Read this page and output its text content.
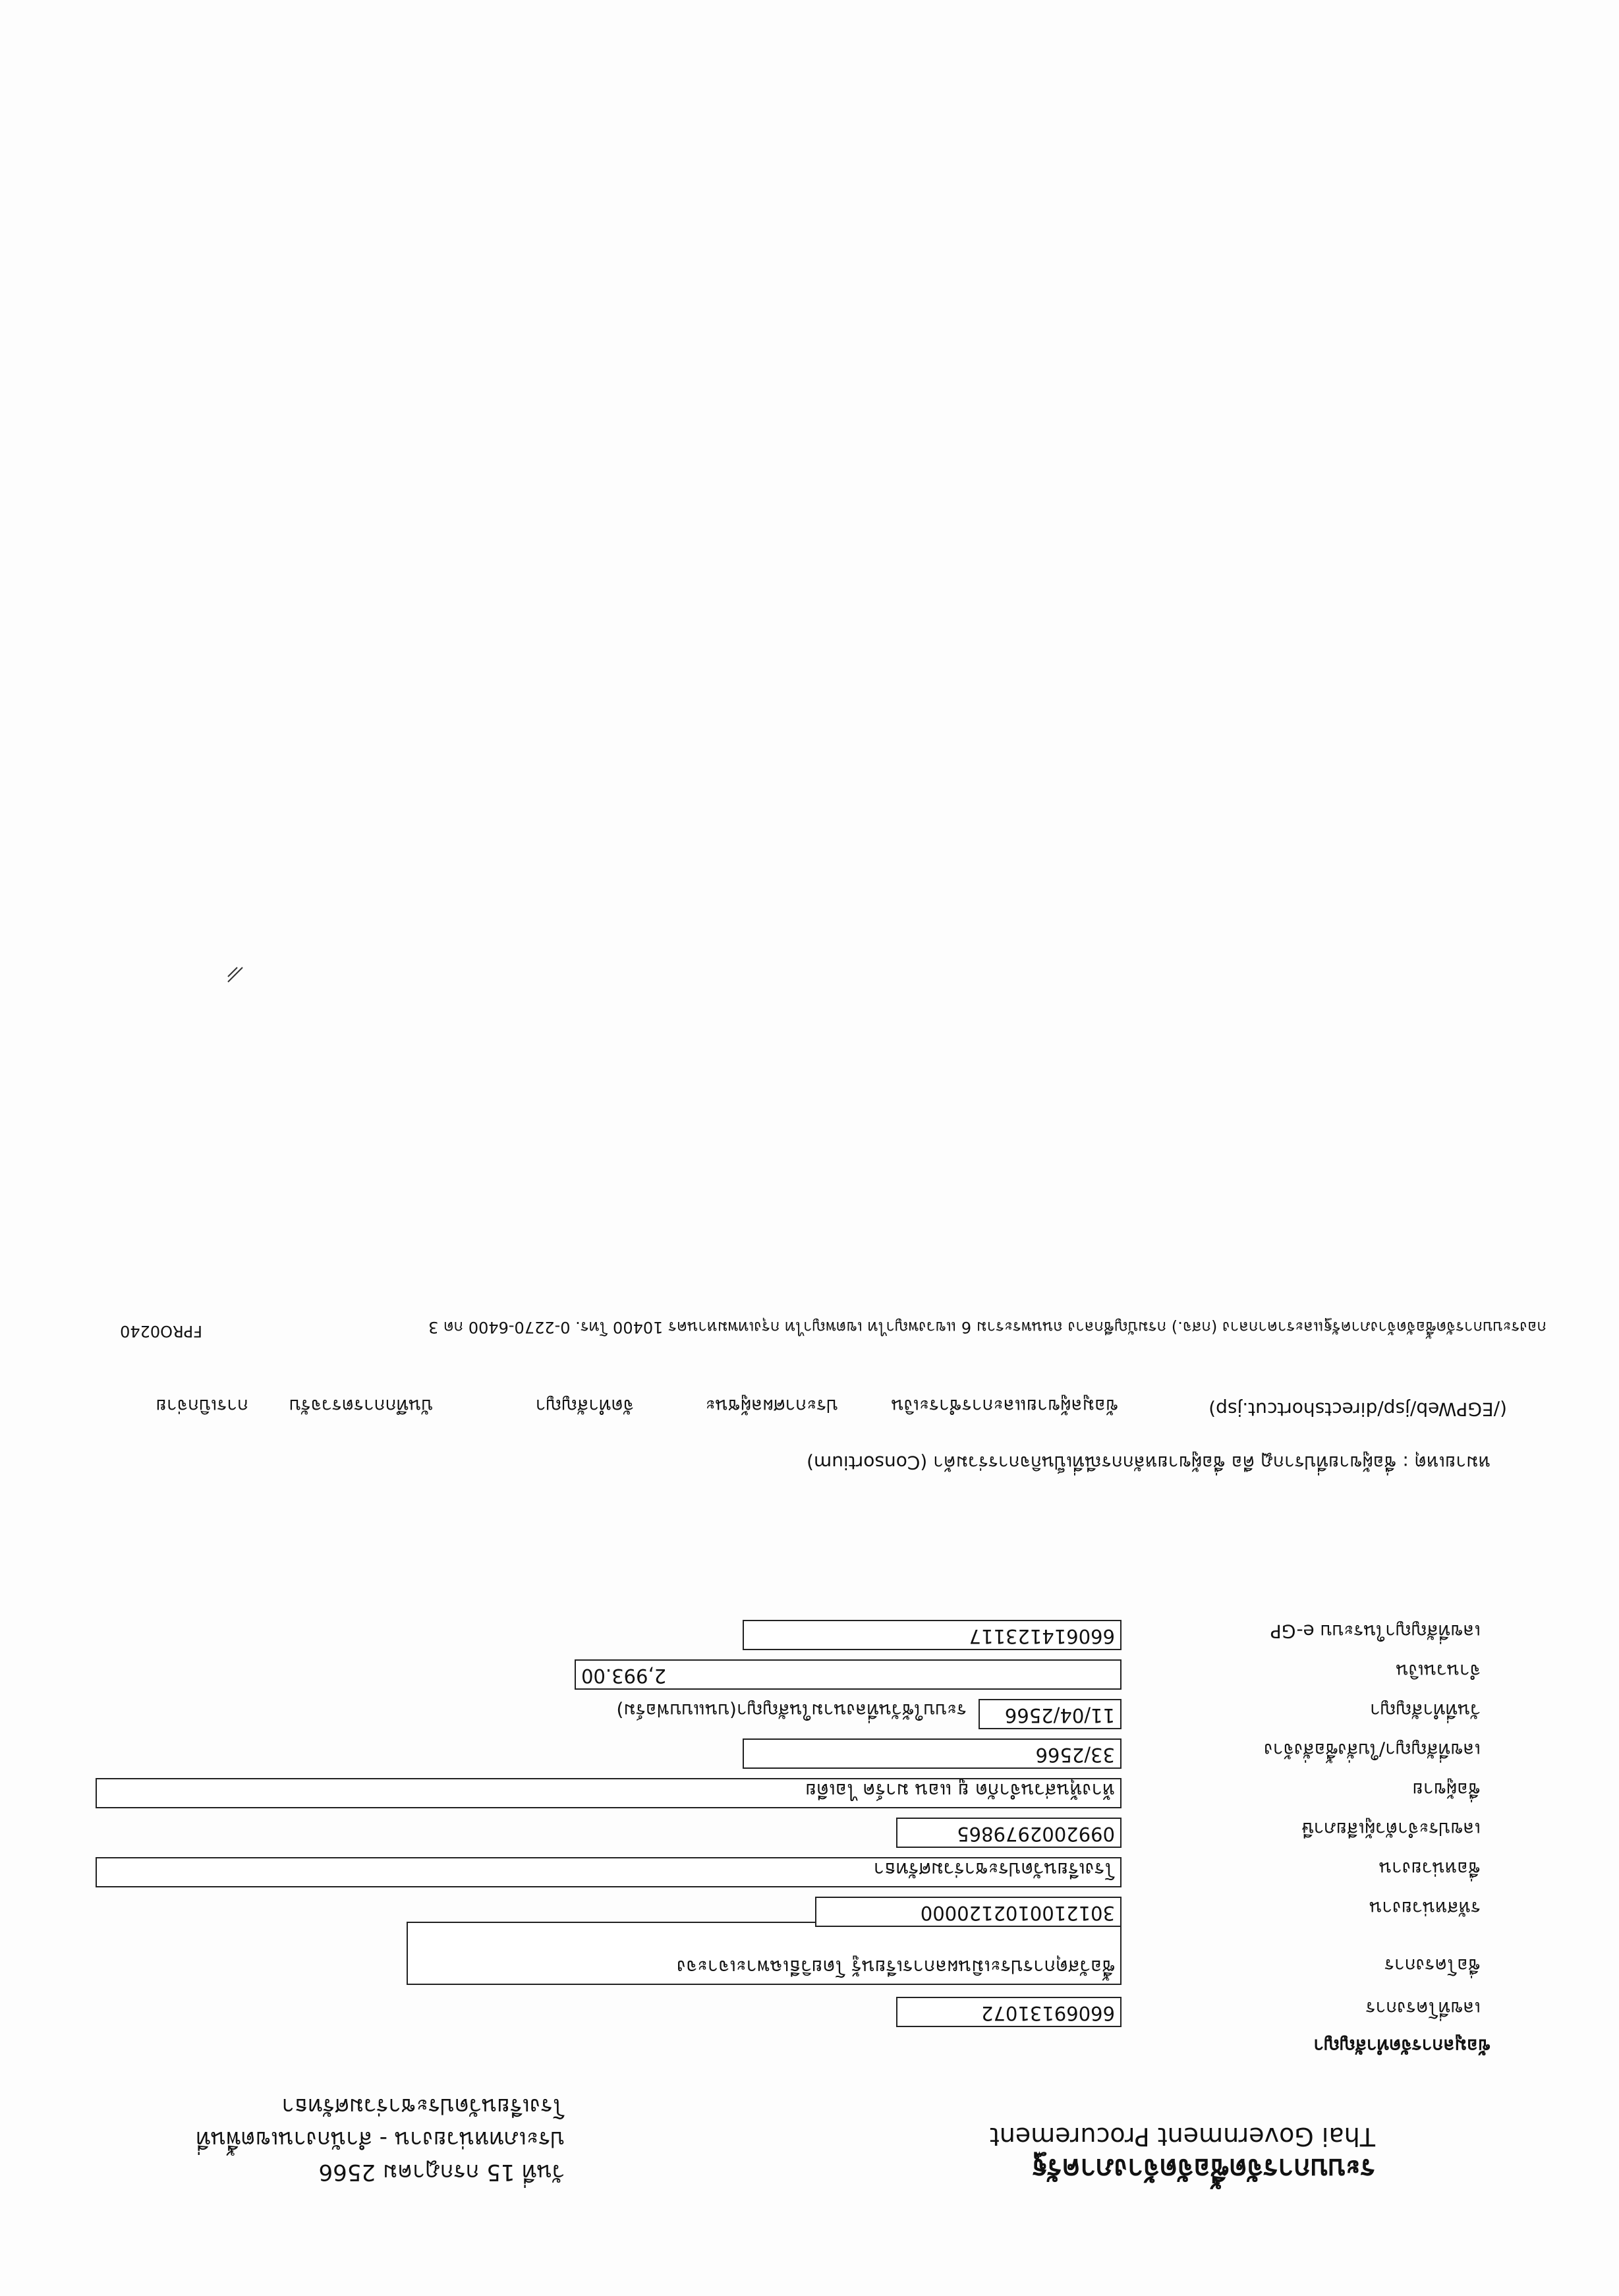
ระบบการจัดซื้อจัดจ้างภาครัฐ
Thai Government Procurement
วันที่ 15 กรกฎาคม 2566
ประเภทหน่วยงาน - สำนักงานเขตพื้นที่
โรงเรียนวัดประชาร่วมศรัทธา
ข้อมูลการจัดทำสัญญา
เลขที่โครงการ
ชื่อโครงการ
รหัสหน่วยงาน
ชื่อหน่วยงาน
เลขประจำตัวผู้เสียภาษี
ชื่อผู้ขาย
เลขที่สัญญา/ใบสั่งซื้อสั่งจ้าง
วันที่ทำสัญญา
จำนวนเงิน
เลขที่สัญญาในระบบ e-GP
66069131072
ซื้อวัสดุการประเมินผลการเรียนรู้ โดยวิธีเฉพาะเจาะจง
3012100102120000
โรงเรียนวัดประชาร่วมศรัทธา
0992002979865
ห้างหุ้นส่วนจำกัด ยู แอน มาร์ค ไอเดีย
33/2566
11/04/2566
ระบบใช้วันที่ลงนามในสัญญา(บนแบบฟอร์ม)
2,993.00
660614123117
หมายเหตุ : ชื่อผู้ขายที่ปรากฏ คือ ชื่อผู้ขายหลักกรณีที่เป็นกิจการร่วมค้า (Consortium)
(/EGPWeb/jsp/directshortcut.jsp)
ข้อมูลผู้ขายและการชำระเงิน
ประกาศผลผู้ชนะ
จัดทำสัญญา
บันทึกการตรวจรับ
การเบิกจ่าย
กองระบบการจัดซื้อจัดจ้างภาครัฐและราคากลาง (กสจ.) กรมบัญชีกลาง ถนนพระราม 6 แขวงพญาไท เขตพญาไท กรุงเทพมหานคร 10400 โทร. 0-2270-6400 กด 3
FPRO0240
